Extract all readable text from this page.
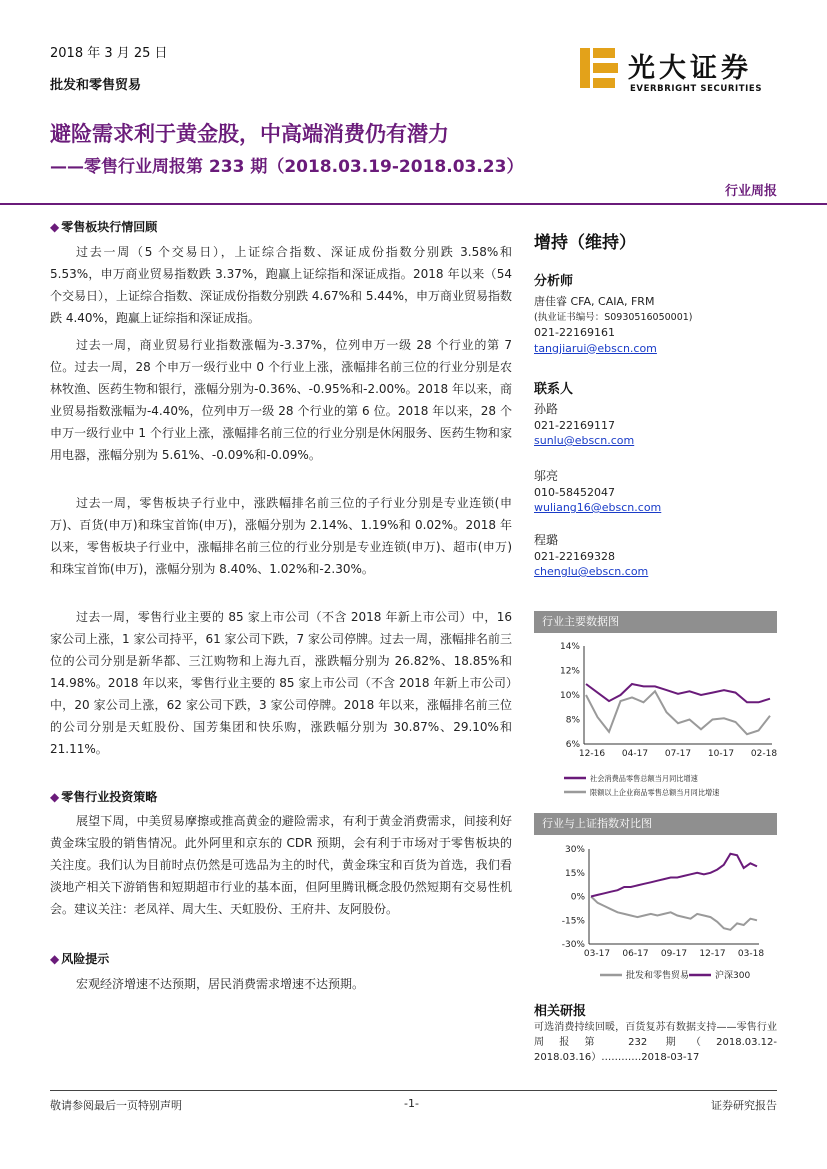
2018 年 3 月 25 日
批发和零售贸易
光大证券
EVERBRIGHT SECURITIES
避险需求利于黄金股，中高端消费仍有潜力
——零售行业周报第 233 期（2018.03.19-2018.03.23）
行业周报
◆ 零售板块行情回顾
过去一周（5 个交易日），上证综合指数、深证成份指数分别跌 3.58%和 5.53%，申万商业贸易指数跌 3.37%，跑赢上证综指和深证成指。2018 年以来（54 个交易日），上证综合指数、深证成份指数分别跌 4.67%和 5.44%，申万商业贸易指数跌 4.40%，跑赢上证综指和深证成指。
过去一周，商业贸易行业指数涨幅为-3.37%，位列申万一级 28 个行业的第 7 位。过去一周，28 个申万一级行业中 0 个行业上涨，涨幅排名前三位的行业分别是农林牧渔、医药生物和银行，涨幅分别为-0.36%、-0.95%和-2.00%。2018 年以来，商业贸易指数涨幅为-4.40%，位列申万一级 28 个行业的第 6 位。2018 年以来，28 个申万一级行业中 1 个行业上涨，涨幅排名前三位的行业分别是休闲服务、医药生物和家用电器，涨幅分别为 5.61%、-0.09%和-0.09%。
过去一周，零售板块子行业中，涨跌幅排名前三位的子行业分别是专业连锁(申万)、百货(申万)和珠宝首饰(申万)，涨幅分别为 2.14%、1.19%和 0.02%。2018 年以来，零售板块子行业中，涨幅排名前三位的行业分别是专业连锁(申万)、超市(申万)和珠宝首饰(申万)，涨幅分别为 8.40%、1.02%和-2.30%。
过去一周，零售行业主要的 85 家上市公司（不含 2018 年新上市公司）中，16 家公司上涨，1 家公司持平，61 家公司下跌，7 家公司停牌。过去一周，涨幅排名前三位的公司分别是新华都、三江购物和上海九百，涨跌幅分别为 26.82%、18.85%和 14.98%。2018 年以来，零售行业主要的 85 家上市公司（不含 2018 年新上市公司）中，20 家公司上涨，62 家公司下跌，3 家公司停牌。2018 年以来，涨幅排名前三位的公司分别是天虹股份、国芳集团和快乐购，涨跌幅分别为 30.87%、29.10%和 21.11%。
◆ 零售行业投资策略
展望下周，中美贸易摩擦或推高黄金的避险需求，有利于黄金消费需求，间接利好黄金珠宝股的销售情况。此外阿里和京东的 CDR 预期，会有利于市场对于零售板块的关注度。我们认为目前时点仍然是可选品为主的时代，黄金珠宝和百货为首选，我们看淡地产相关下游销售和短期超市行业的基本面，但阿里腾讯概念股仍然短期有交易性机会。建议关注：老凤祥、周大生、天虹股份、王府井、友阿股份。
◆ 风险提示
宏观经济增速不达预期，居民消费需求增速不达预期。
增持（维持）
分析师
唐佳睿 CFA, CAIA, FRM
(执业证书编号：S0930516050001)
021-22169161
tangjiarui@ebscn.com
联系人
孙路
021-22169117
sunlu@ebscn.com
邬亮
010-58452047
wuliang16@ebscn.com
程璐
021-22169328
chenglu@ebscn.com
行业主要数据图
14%
12%
10%
8%
6%
12-16 04-17 07-17 10-17 02-18
社会消费品零售总额当月同比增速
限额以上企业商品零售总额当月同比增速
行业与上证指数对比图
30%
15%
0%
-15%
-30%
03-17 06-17 09-17 12-17 03-18
批发和零售贸易	沪深300
相关研报
可选消费持续回暖，百货复苏有数据支持——零售行业周报第 232 期（2018.03.12-2018.03.16）…………2018-03-17
敬请参阅最后一页特别声明	-1-	证券研究报告
